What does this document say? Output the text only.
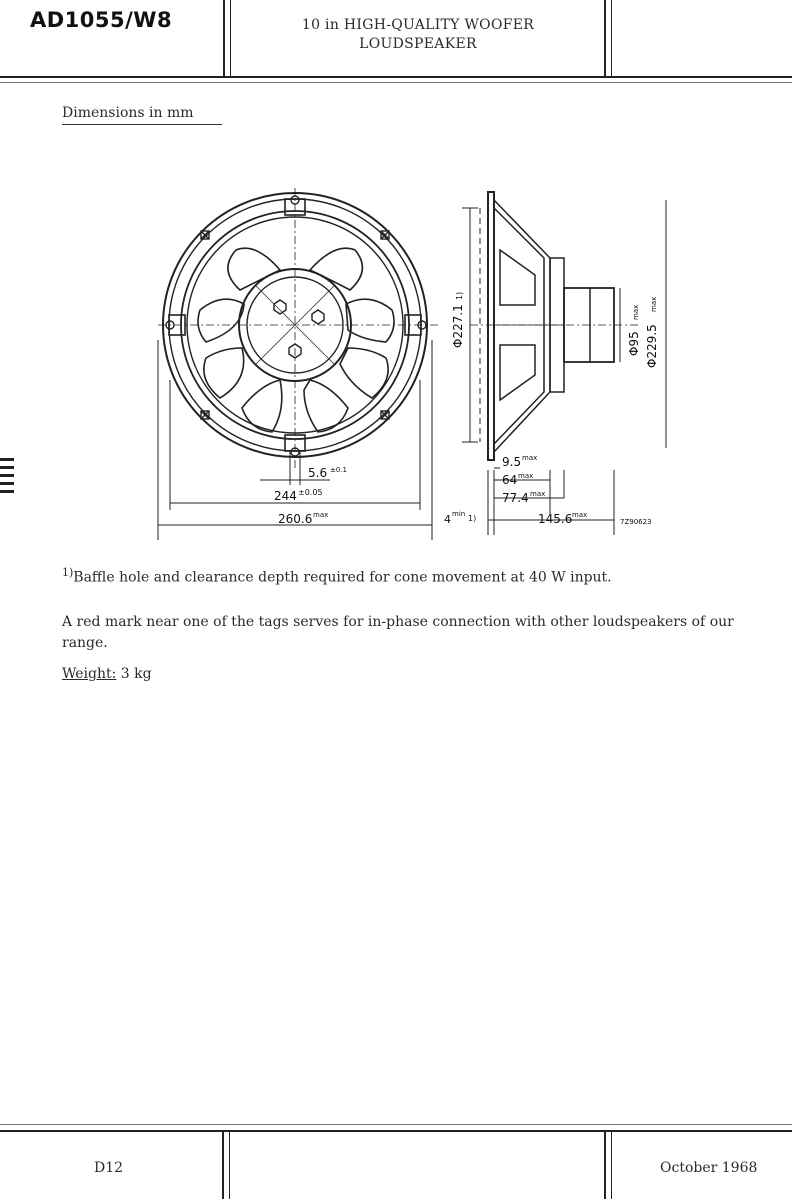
AD1055/W8	10 in HIGH-QUALITY WOOFER
LOUDSPEAKER
Dimensions in mm
5.6 ±0.1
244 ±0.05
260.6 max
Φ227.1
1)
Φ95
max
Φ229.5
max
9.5 max
64 max
77.4 max
145.6 max
4 min 1)	7Z90623
$^{1)}$Baffle hole and clearance depth required for cone movement at 40 W input.
A red mark near one of the tags serves for in-phase connection with other loudspeakers of our range.
Weight: 3 kg
D12	October 1968
